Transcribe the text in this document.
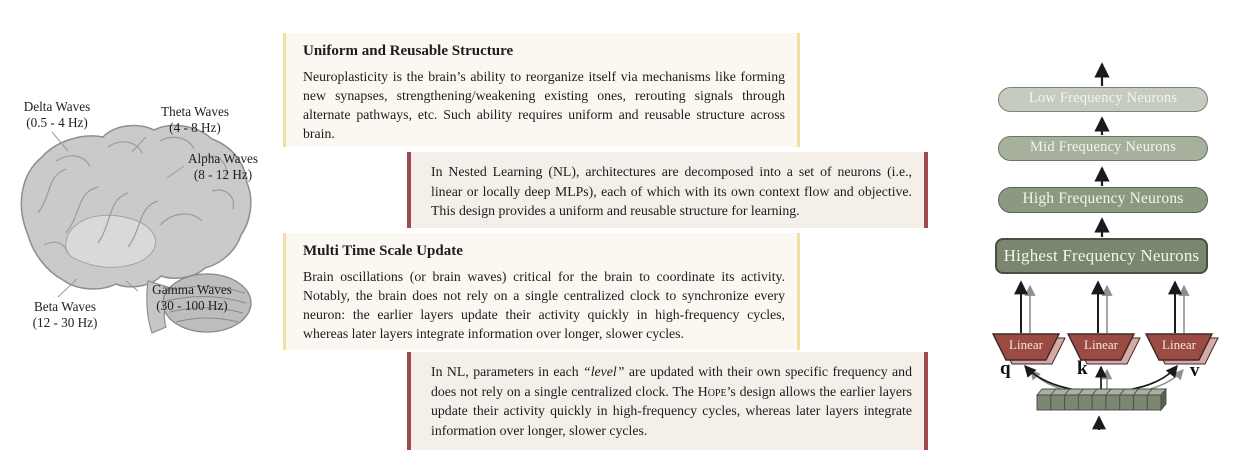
Delta Waves
(0.5 - 4 Hz)
Theta Waves
(4 - 8 Hz)
Alpha Waves
(8 - 12 Hz)
Beta Waves
(12 - 30 Hz)
Gamma Waves
(30 - 100 Hz)
Uniform and Reusable Structure

Neuroplasticity is the brain’s ability to reorganize itself via mechanisms like forming new synapses, strengthening/weakening existing ones, rerouting signals through alternate pathways, etc. Such ability requires uniform and reusable structure across brain.

In Nested Learning (NL), architectures are decomposed into a set of neurons (i.e., linear or locally deep MLPs), each of which with its own context flow and objective. This design provides a uniform and reusable structure for learning.

Multi Time Scale Update

Brain oscillations (or brain waves) critical for the brain to coordinate its activity. Notably, the brain does not rely on a single centralized clock to synchronize every neuron: the earlier layers update their activity quickly in high-frequency cycles, whereas later layers integrate information over longer, slower cycles.

In NL, parameters in each “level” are updated with their own specific frequency and does not rely on a single centralized clock. The Hope’s design allows the earlier layers update their activity quickly in high-frequency cycles, whereas later layers integrate information over longer, slower cycles.

Low Frequency Neurons
Mid Frequency Neurons
High Frequency Neurons
Highest Frequency Neurons
Linear	Linear	Linear
q	k	v
